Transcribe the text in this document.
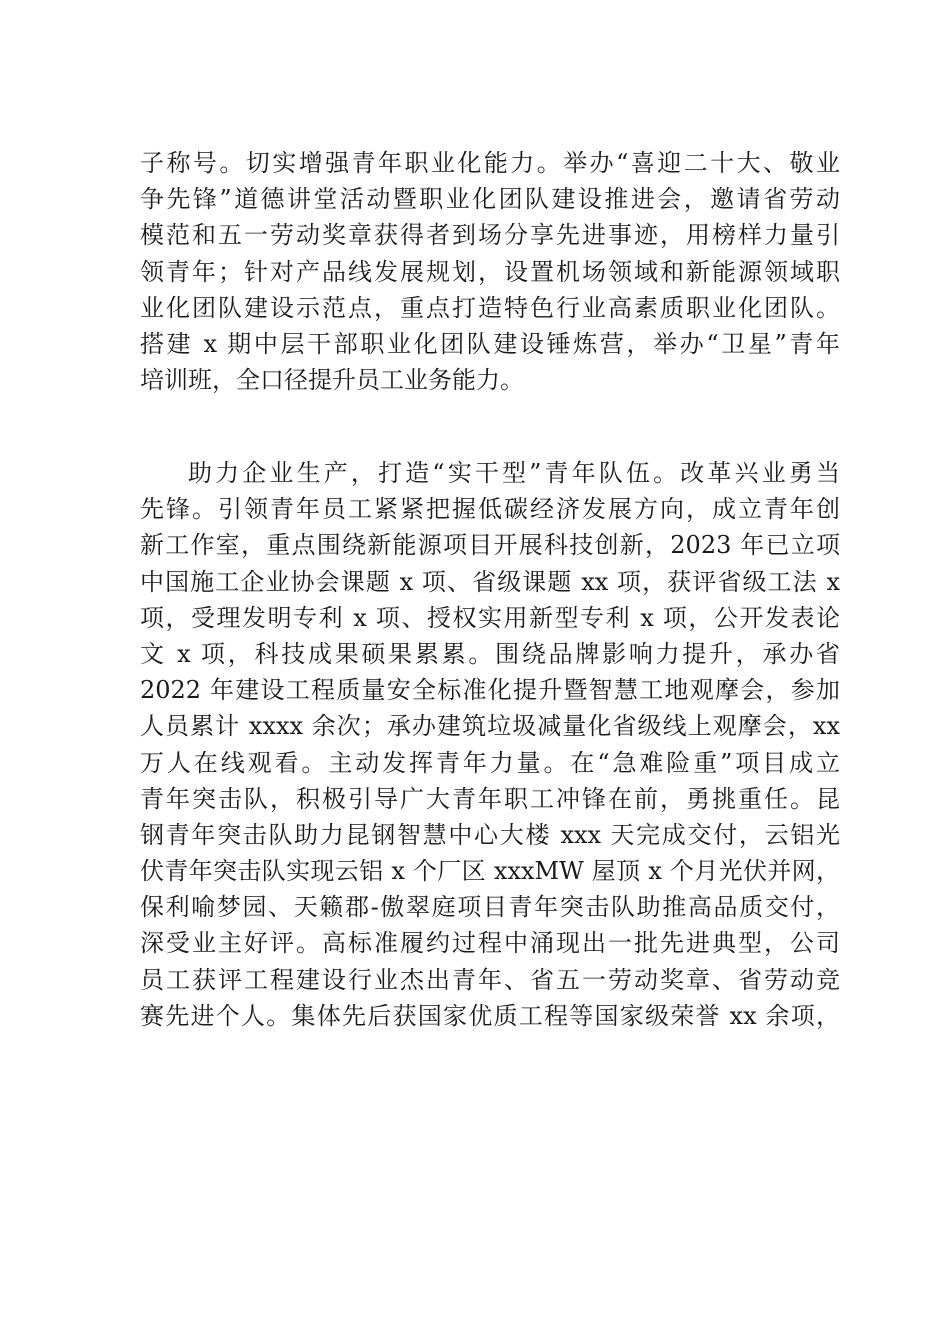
子称号。切实增强青年职业化能力。举办“喜迎二十大、敬业
争先锋”道德讲堂活动暨职业化团队建设推进会，邀请省劳动
模范和五一劳动奖章获得者到场分享先进事迹，用榜样力量引
领青年；针对产品线发展规划，设置机场领域和新能源领域职
业化团队建设示范点，重点打造特色行业高素质职业化团队。
搭建 x 期中层干部职业化团队建设锤炼营，举办“卫星”青年
培训班，全口径提升员工业务能力。
助力企业生产，打造“实干型”青年队伍。改革兴业勇当
先锋。引领青年员工紧紧把握低碳经济发展方向，成立青年创
新工作室，重点围绕新能源项目开展科技创新，2023 年已立项
中国施工企业协会课题 x 项、省级课题 xx 项，获评省级工法 x
项，受理发明专利 x 项、授权实用新型专利 x 项，公开发表论
文 x 项，科技成果硕果累累。围绕品牌影响力提升，承办省
2022 年建设工程质量安全标准化提升暨智慧工地观摩会，参加
人员累计 xxxx 余次；承办建筑垃圾减量化省级线上观摩会，xx
万人在线观看。主动发挥青年力量。在“急难险重”项目成立
青年突击队，积极引导广大青年职工冲锋在前，勇挑重任。昆
钢青年突击队助力昆钢智慧中心大楼 xxx 天完成交付，云铝光
伏青年突击队实现云铝 x 个厂区 xxxMW 屋顶 x 个月光伏并网，
保利喻梦园、天籁郡-傲翠庭项目青年突击队助推高品质交付，
深受业主好评。高标准履约过程中涌现出一批先进典型，公司
员工获评工程建设行业杰出青年、省五一劳动奖章、省劳动竞
赛先进个人。集体先后获国家优质工程等国家级荣誉 xx 余项，
